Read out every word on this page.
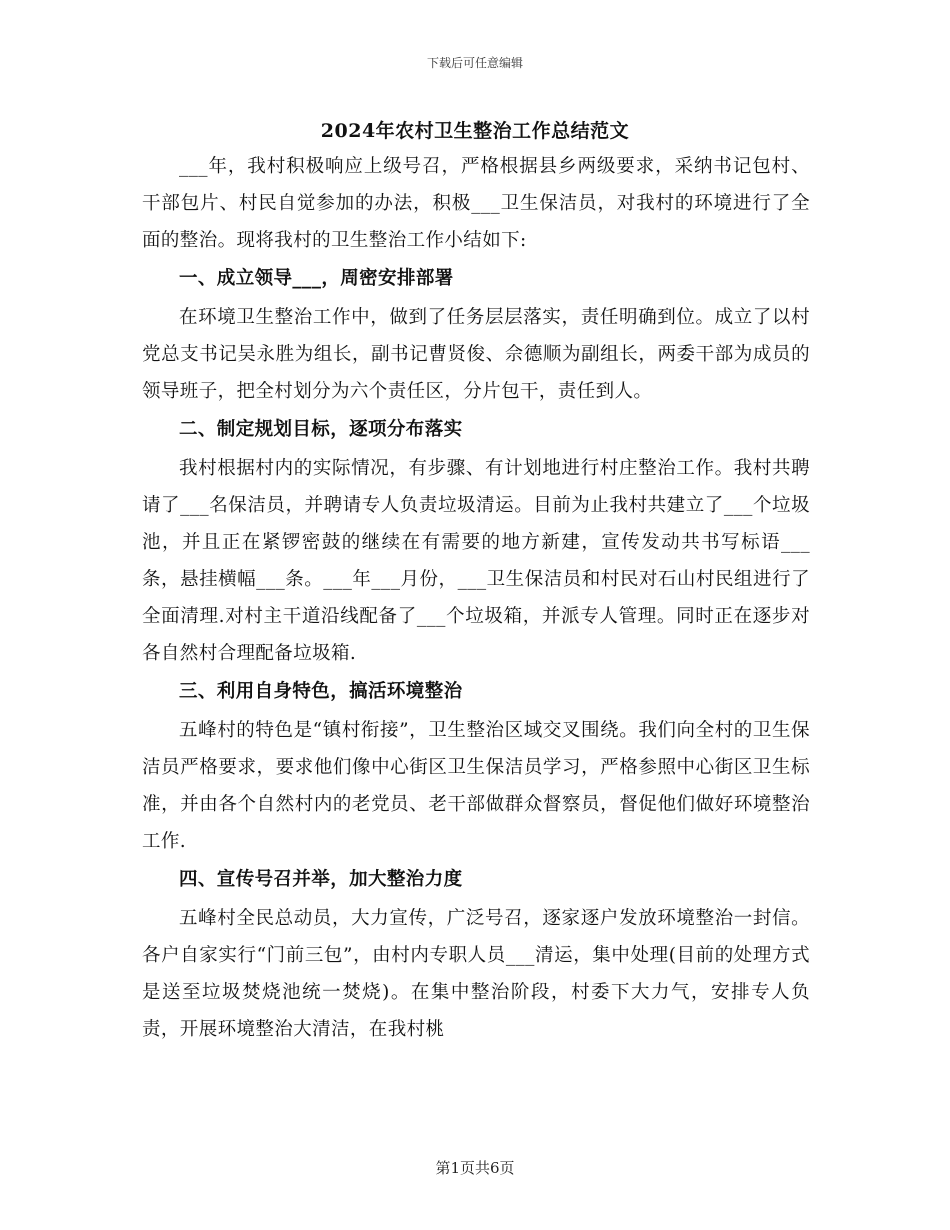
下载后可任意编辑
2024年农村卫生整治工作总结范文

___年，我村积极响应上级号召，严格根据县乡两级要求，采纳书记包村、干部包片、村民自觉参加的办法，积极___卫生保洁员，对我村的环境进行了全面的整治。现将我村的卫生整治工作小结如下:

一、成立领导___，周密安排部署

在环境卫生整治工作中，做到了任务层层落实，责任明确到位。成立了以村党总支书记吴永胜为组长，副书记曹贤俊、佘德顺为副组长，两委干部为成员的领导班子，把全村划分为六个责任区，分片包干，责任到人。

二、制定规划目标，逐项分布落实

我村根据村内的实际情况，有步骤、有计划地进行村庄整治工作。我村共聘请了___名保洁员，并聘请专人负责垃圾清运。目前为止我村共建立了___个垃圾池，并且正在紧锣密鼓的继续在有需要的地方新建，宣传发动共书写标语___条，悬挂横幅___条。___年___月份，___卫生保洁员和村民对石山村民组进行了全面清理.对村主干道沿线配备了___个垃圾箱，并派专人管理。同时正在逐步对各自然村合理配备垃圾箱.

三、利用自身特色，搞活环境整治

五峰村的特色是“镇村衔接”，卫生整治区域交叉围绕。我们向全村的卫生保洁员严格要求，要求他们像中心街区卫生保洁员学习，严格参照中心街区卫生标准，并由各个自然村内的老党员、老干部做群众督察员，督促他们做好环境整治工作.

四、宣传号召并举，加大整治力度

五峰村全民总动员，大力宣传，广泛号召，逐家逐户发放环境整治一封信。各户自家实行“门前三包”，由村内专职人员___清运，集中处理(目前的处理方式是送至垃圾焚烧池统一焚烧)。在集中整治阶段，村委下大力气，安排专人负责，开展环境整治大清洁，在我村桃

第1页共6页
